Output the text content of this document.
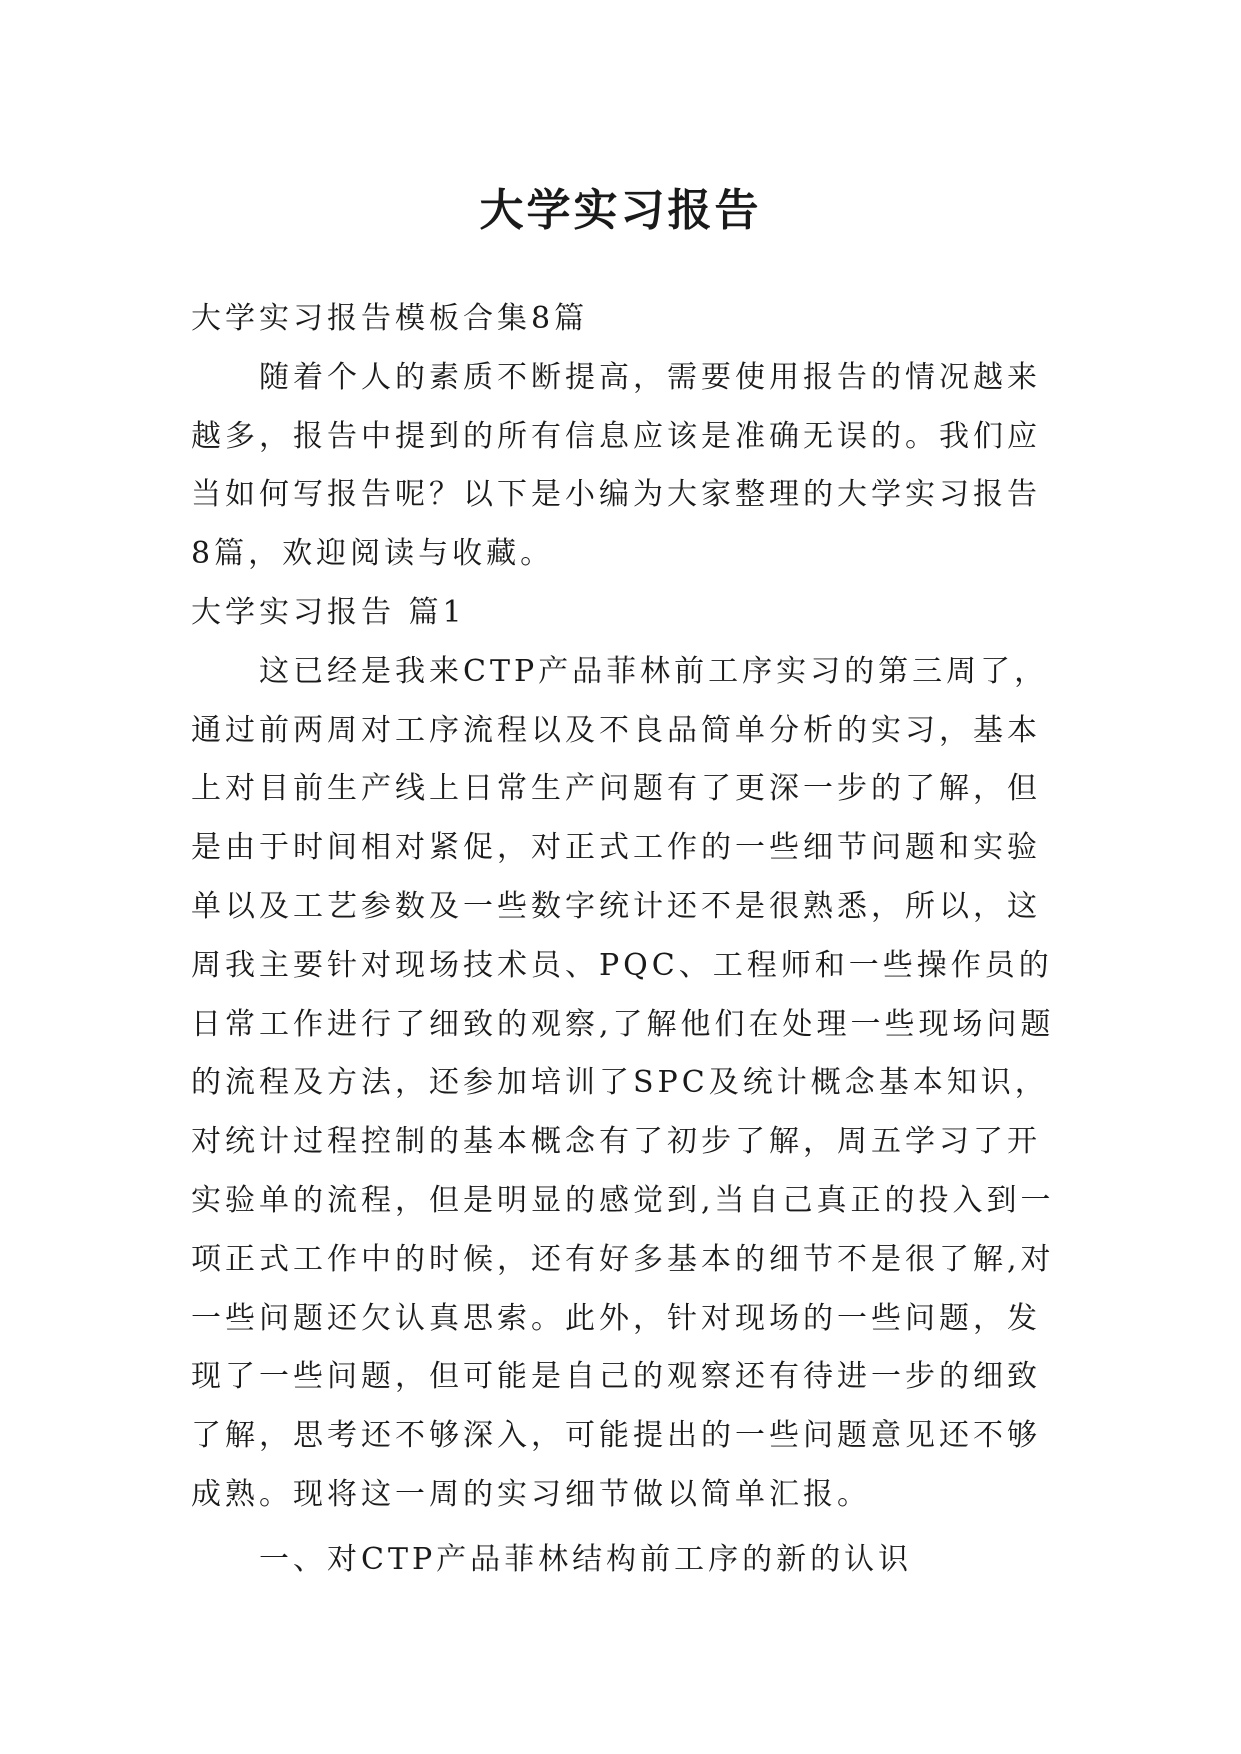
大学实习报告

大学实习报告模板合集8篇

随着个人的素质不断提高，需要使用报告的情况越来越多，报告中提到的所有信息应该是准确无误的。我们应当如何写报告呢？以下是小编为大家整理的大学实习报告8篇，欢迎阅读与收藏。

大学实习报告 篇1

这已经是我来CTP产品菲林前工序实习的第三周了，通过前两周对工序流程以及不良品简单分析的实习，基本上对目前生产线上日常生产问题有了更深一步的了解，但是由于时间相对紧促，对正式工作的一些细节问题和实验单以及工艺参数及一些数字统计还不是很熟悉，所以，这周我主要针对现场技术员、PQC、工程师和一些操作员的日常工作进行了细致的观察,了解他们在处理一些现场问题的流程及方法，还参加培训了SPC及统计概念基本知识，对统计过程控制的基本概念有了初步了解，周五学习了开实验单的流程，但是明显的感觉到,当自己真正的投入到一项正式工作中的时候，还有好多基本的细节不是很了解,对一些问题还欠认真思索。此外，针对现场的一些问题，发现了一些问题，但可能是自己的观察还有待进一步的细致了解，思考还不够深入，可能提出的一些问题意见还不够成熟。现将这一周的实习细节做以简单汇报。

一、对CTP产品菲林结构前工序的新的认识
